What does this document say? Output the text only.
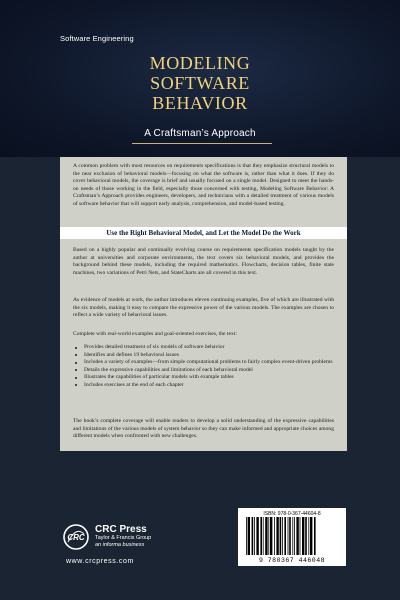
Software Engineering
MODELING
SOFTWARE
BEHAVIOR
A Craftsman’s Approach

A common problem with most resources on requirements specifications is that they emphasize structural models to the near exclusion of behavioral models—focusing on what the software is, rather than what it does. If they do cover behavioral models, the coverage is brief and usually focused on a single model. Designed to meet the hands-on needs of those working in the field, especially those concerned with testing, Modeling Software Behavior: A Craftsman’s Approach provides engineers, developers, and technicians with a detailed treatment of various models of software behavior that will support early analysis, comprehension, and model-based testing.

Use the Right Behavioral Model, and Let the Model Do the Work

Based on a highly popular and continually evolving course on requirements specification models taught by the author at universities and corporate environments, the text covers six behavioral models, and provides the background behind these models, including the required mathematics. Flowcharts, decision tables, finite state machines, two variations of Petri Nets, and StateCharts are all covered in this text.

As evidence of models at work, the author introduces eleven continuing examples, five of which are illustrated with the six models, making it easy to compare the expressive power of the various models. The examples are chosen to reflect a wide variety of behavioral issues.

Complete with real-world examples and goal-oriented exercises, the text:

Provides detailed treatment of six models of software behavior
Identifies and defines 19 behavioral issues
Includes a variety of examples—from simple computational problems to fairly complex event-driven problems
Details the expressive capabilities and limitations of each behavioral model
Illustrates the capabilities of particular models with example tables
Includes exercises at the end of each chapter

The book’s complete coverage will enable readers to develop a solid understanding of the expressive capabilities and limitations of the various models of system behavior so they can make informed and appropriate choices among different models when confronted with new challenges.

CRC
CRC Press
Taylor & Francis Group
an informa business
www.crcpress.com
ISBN: 978-0-367-44604-8
9 780367 446048
